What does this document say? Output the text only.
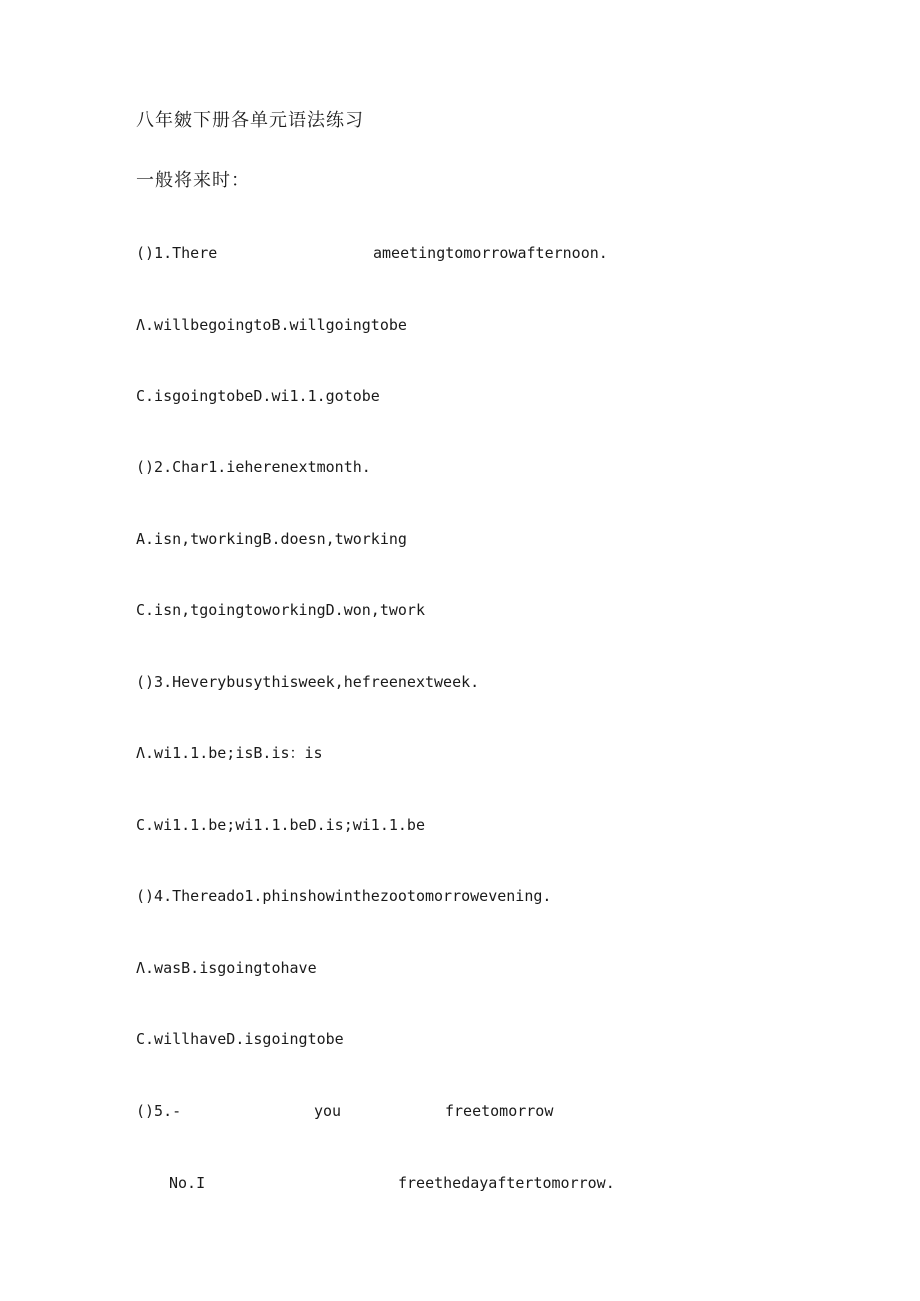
八年皴下册各单元语法练习
一般将来时：
()1.There	ameetingtomorrowafternoon.
Λ.willbegoingtoB.willgoingtobe
C.isgoingtobeD.wi1.1.gotobe
()2.Char1.ieherenextmonth.
A.isn,tworkingB.doesn,tworking
C.isn,tgoingtoworkingD.won,twork
()3.Heverybusythisweek,hefreenextweek.
Λ.wi1.1.be;isB.is：is
C.wi1.1.be;wi1.1.beD.is;wi1.1.be
()4.Thereado1.phinshowinthezootomorrowevening.
Λ.wasB.isgoingtohave
C.willhaveD.isgoingtobe
()5.-	you	freetomorrow
No.I	freethedayaftertomorrow.
